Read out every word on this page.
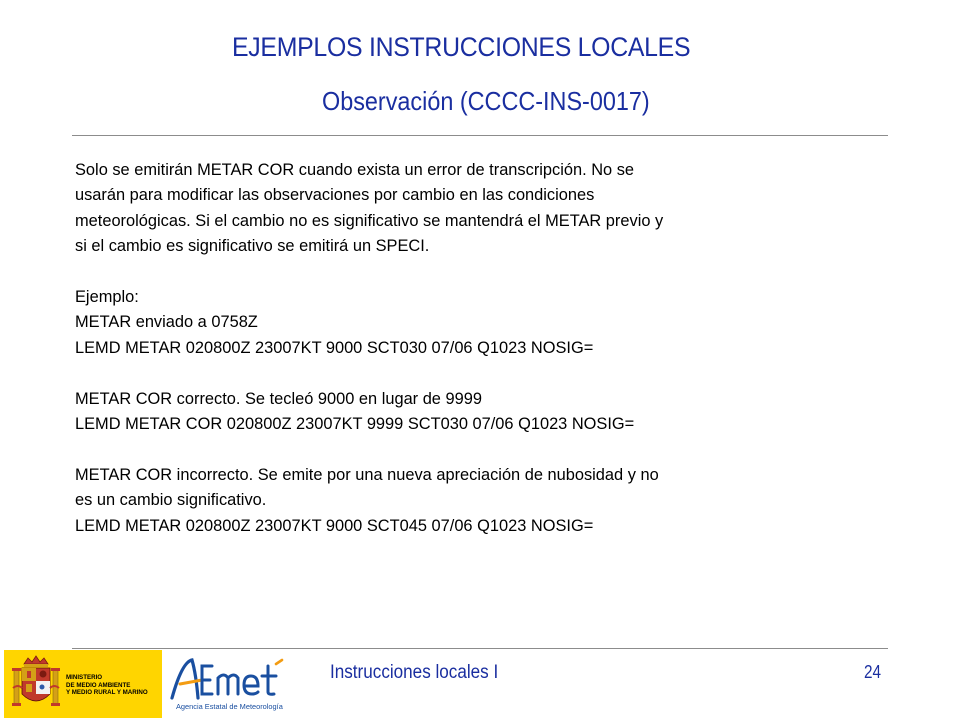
EJEMPLOS INSTRUCCIONES LOCALES
Observación (CCCC-INS-0017)

Solo se emitirán METAR COR cuando exista un error de transcripción. No se

usarán para modificar las observaciones por cambio en las condiciones

meteorológicas. Si el cambio no es significativo se mantendrá el METAR previo y

si el cambio es significativo se emitirá un SPECI.

Ejemplo:

METAR enviado a 0758Z

LEMD METAR 020800Z 23007KT 9000 SCT030 07/06 Q1023 NOSIG=

METAR COR correcto. Se tecleó 9000 en lugar de 9999

LEMD METAR COR 020800Z 23007KT 9999 SCT030 07/06 Q1023 NOSIG=

METAR COR incorrecto. Se emite por una nueva apreciación de nubosidad y no

es un cambio significativo.

LEMD METAR 020800Z 23007KT 9000 SCT045 07/06 Q1023 NOSIG=

MINISTERIO
DE MEDIO AMBIENTE
Y MEDIO RURAL Y MARINO
Agencia Estatal de Meteorología
Instrucciones locales I	24
